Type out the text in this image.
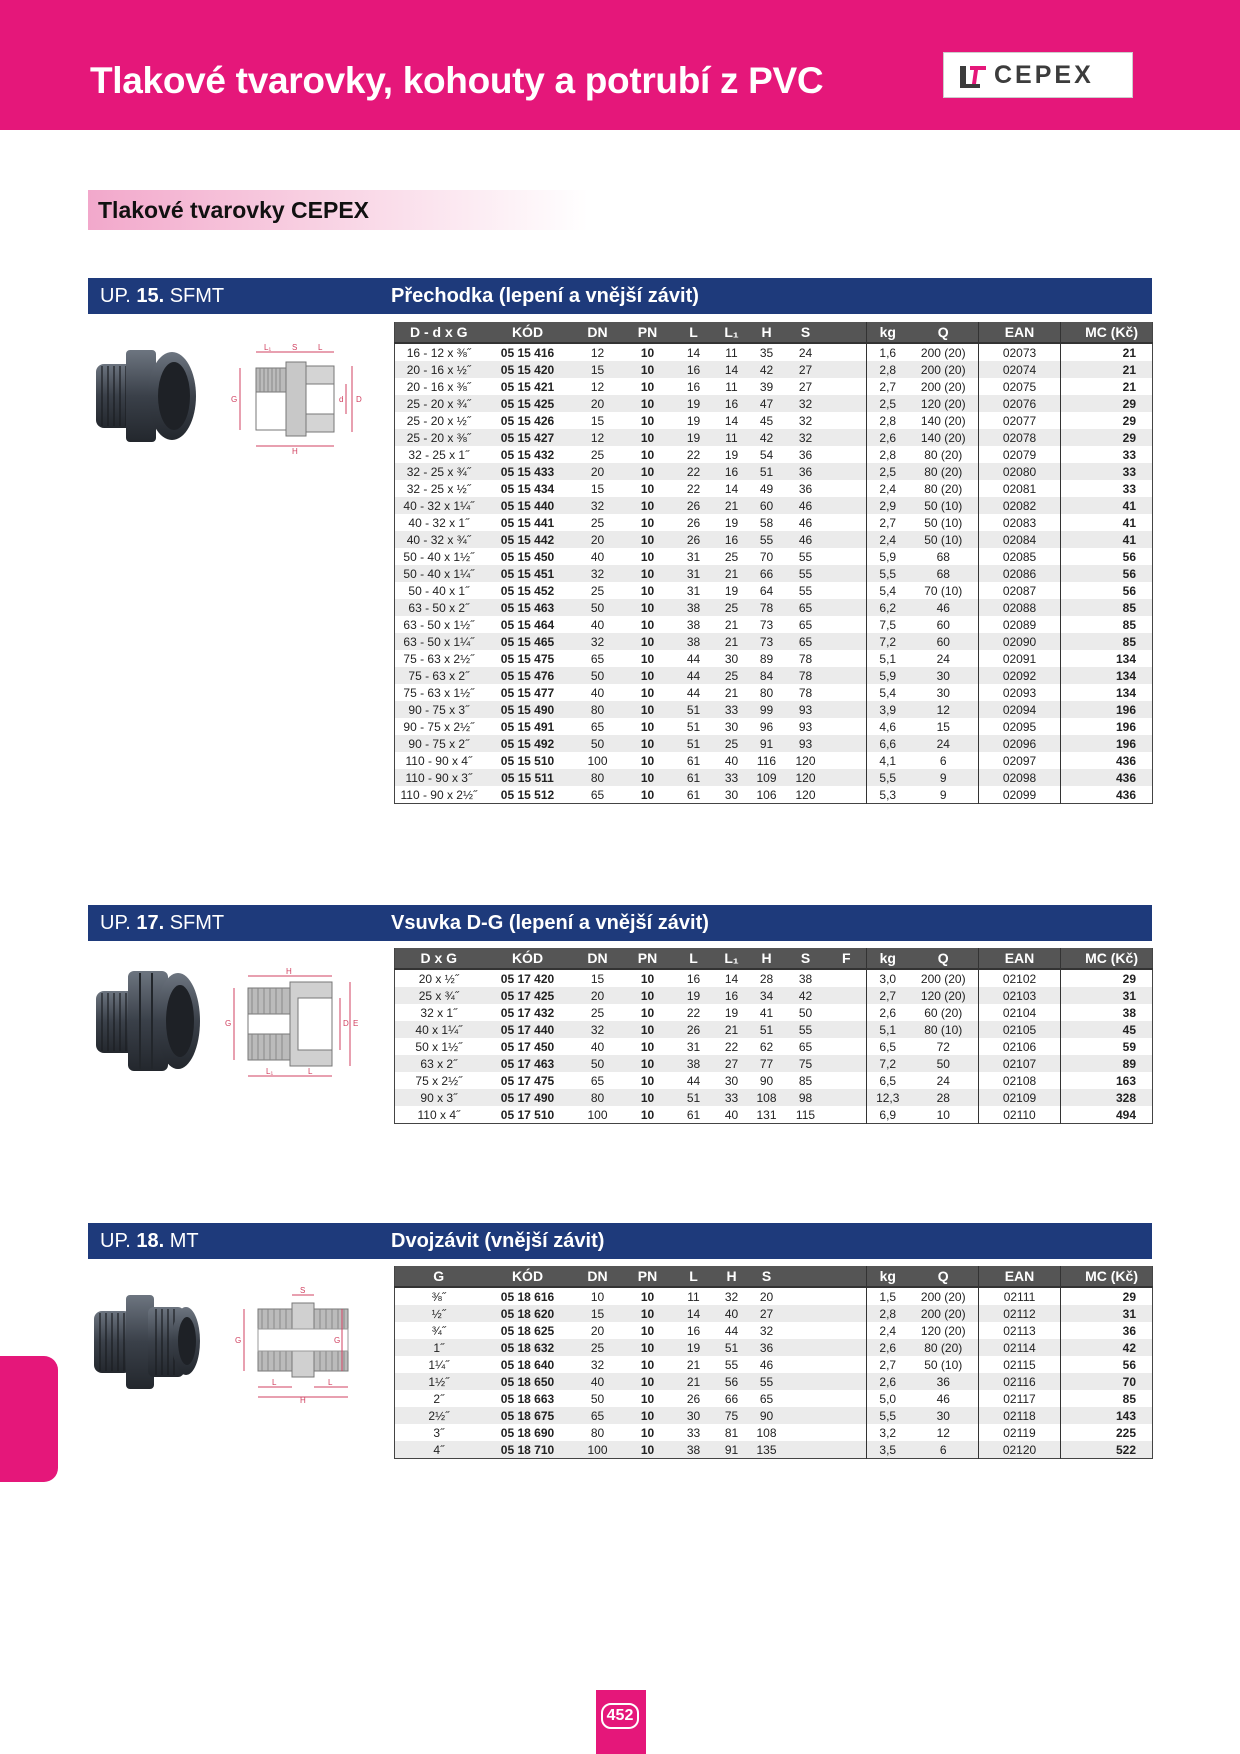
Tlakové tvarovky, kohouty a potrubí z PVC	CEPEX
Tlakové tvarovky CEPEX
UP. 15. SFMT	Přechodka (lepení a vnější závit)
L₁	S	L
G	d D
H
D - d x G	KÓD	DN	PN	L	L₁	H	S		kg	Q	EAN	MC (Kč)
16 - 12 x ⅜˝	05 15 416	12	10	14	11	35	24		1,6	200 (20)	02073	21
20 - 16 x ½˝	05 15 420	15	10	16	14	42	27		2,8	200 (20)	02074	21
20 - 16 x ⅜˝	05 15 421	12	10	16	11	39	27		2,7	200 (20)	02075	21
25 - 20 x ¾˝	05 15 425	20	10	19	16	47	32		2,5	120 (20)	02076	29
25 - 20 x ½˝	05 15 426	15	10	19	14	45	32		2,8	140 (20)	02077	29
25 - 20 x ⅜˝	05 15 427	12	10	19	11	42	32		2,6	140 (20)	02078	29
32 - 25 x 1˝	05 15 432	25	10	22	19	54	36		2,8	80 (20)	02079	33
32 - 25 x ¾˝	05 15 433	20	10	22	16	51	36		2,5	80 (20)	02080	33
32 - 25 x ½˝	05 15 434	15	10	22	14	49	36		2,4	80 (20)	02081	33
40 - 32 x 1¼˝	05 15 440	32	10	26	21	60	46		2,9	50 (10)	02082	41
40 - 32 x 1˝	05 15 441	25	10	26	19	58	46		2,7	50 (10)	02083	41
40 - 32 x ¾˝	05 15 442	20	10	26	16	55	46		2,4	50 (10)	02084	41
50 - 40 x 1½˝	05 15 450	40	10	31	25	70	55		5,9	68	02085	56
50 - 40 x 1¼˝	05 15 451	32	10	31	21	66	55		5,5	68	02086	56
50 - 40 x 1˝	05 15 452	25	10	31	19	64	55		5,4	70 (10)	02087	56
63 - 50 x 2˝	05 15 463	50	10	38	25	78	65		6,2	46	02088	85
63 - 50 x 1½˝	05 15 464	40	10	38	21	73	65		7,5	60	02089	85
63 - 50 x 1¼˝	05 15 465	32	10	38	21	73	65		7,2	60	02090	85
75 - 63 x 2½˝	05 15 475	65	10	44	30	89	78		5,1	24	02091	134
75 - 63 x 2˝	05 15 476	50	10	44	25	84	78		5,9	30	02092	134
75 - 63 x 1½˝	05 15 477	40	10	44	21	80	78		5,4	30	02093	134
90 - 75 x 3˝	05 15 490	80	10	51	33	99	93		3,9	12	02094	196
90 - 75 x 2½˝	05 15 491	65	10	51	30	96	93		4,6	15	02095	196
90 - 75 x 2˝	05 15 492	50	10	51	25	91	93		6,6	24	02096	196
110 - 90 x 4˝	05 15 510	100	10	61	40	116	120		4,1	6	02097	436
110 - 90 x 3˝	05 15 511	80	10	61	33	109	120		5,5	9	02098	436
110 - 90 x 2½˝	05 15 512	65	10	61	30	106	120		5,3	9	02099	436
UP. 17. SFMT	Vsuvka D-G (lepení a vnější závit)
H
G	D E
L₁	L
D x G	KÓD	DN	PN	L	L₁	H	S	F	kg	Q	EAN	MC (Kč)
20 x ½˝	05 17 420	15	10	16	14	28	38		3,0	200 (20)	02102	29
25 x ¾˝	05 17 425	20	10	19	16	34	42		2,7	120 (20)	02103	31
32 x 1˝	05 17 432	25	10	22	19	41	50		2,6	60 (20)	02104	38
40 x 1¼˝	05 17 440	32	10	26	21	51	55		5,1	80 (10)	02105	45
50 x 1½˝	05 17 450	40	10	31	22	62	65		6,5	72	02106	59
63 x 2˝	05 17 463	50	10	38	27	77	75		7,2	50	02107	89
75 x 2½˝	05 17 475	65	10	44	30	90	85		6,5	24	02108	163
90 x 3˝	05 17 490	80	10	51	33	108	98		12,3	28	02109	328
110 x 4˝	05 17 510	100	10	61	40	131	115		6,9	10	02110	494
UP. 18. MT	Dvojzávit (vnější závit)
S
G	G
L
H
L
G	KÓD	DN	PN	L	H	S			kg	Q	EAN	MC (Kč)
⅜˝	05 18 616	10	10	11	32	20			1,5	200 (20)	02111	29
½˝	05 18 620	15	10	14	40	27			2,8	200 (20)	02112	31
¾˝	05 18 625	20	10	16	44	32			2,4	120 (20)	02113	36
1˝	05 18 632	25	10	19	51	36			2,6	80 (20)	02114	42
1¼˝	05 18 640	32	10	21	55	46			2,7	50 (10)	02115	56
1½˝	05 18 650	40	10	21	56	55			2,6	36	02116	70
2˝	05 18 663	50	10	26	66	65			5,0	46	02117	85
2½˝	05 18 675	65	10	30	75	90			5,5	30	02118	143
3˝	05 18 690	80	10	33	81	108			3,2	12	02119	225
4˝	05 18 710	100	10	38	91	135			3,5	6	02120	522
452
